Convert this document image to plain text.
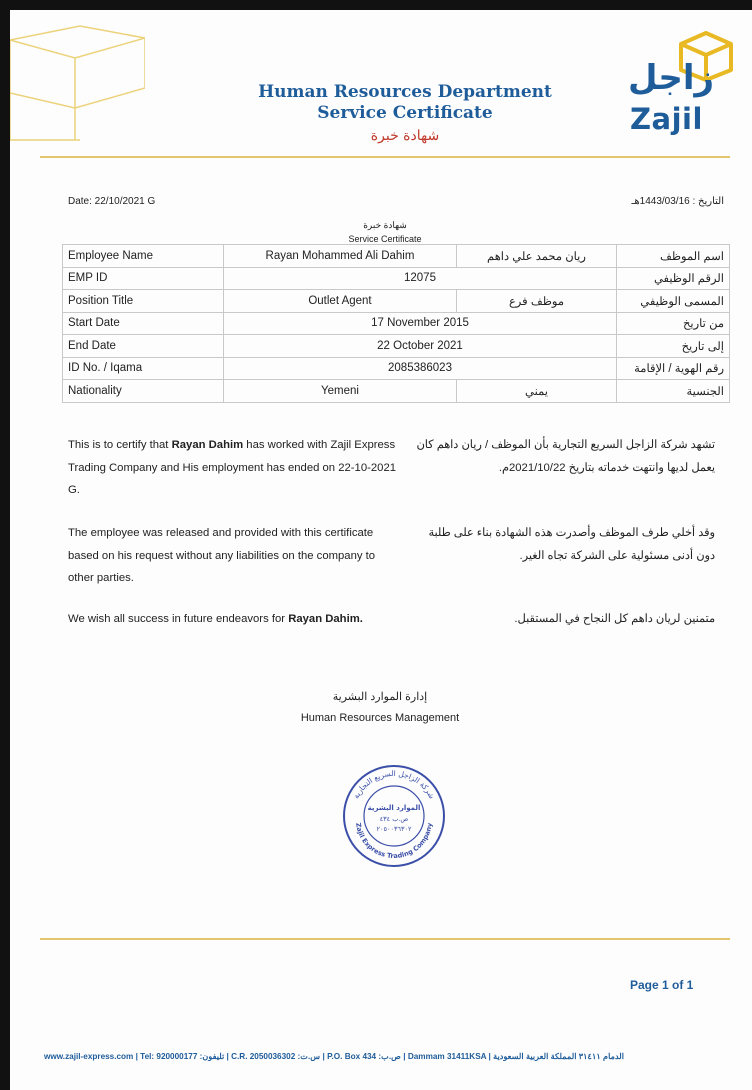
Human Resources Department
Service Certificate
شهادة خبرة
زاجل
Zajil
Date: 22/10/2021 G	التاريخ : 1443/03/16هـ
شهادة خبرة
Service Certificate
Employee Name	Rayan Mohammed Ali Dahim	ريان محمد علي داهم	اسم الموظف
EMP ID	12075		الرقم الوظيفي
Position Title	Outlet Agent	موظف فرع	المسمى الوظيفي
Start Date	17 November 2015		من تاريخ
End Date	22 October 2021		إلى تاريخ
ID No. / Iqama	2085386023		رقم الهوية / الإقامة
Nationality	Yemeni	يمني	الجنسية
This is to certify that Rayan Dahim has worked with Zajil Express Trading Company and His employment has ended on 22-10-2021 G.
تشهد شركة الزاجل السريع التجارية بأن الموظف / ريان داهم كان يعمل لديها وانتهت خدماته بتاريخ 2021/10/22م.
The employee was released and provided with this certificate based on his request without any liabilities on the company to other parties.
وقد أخلي طرف الموظف وأصدرت هذه الشهادة بناء على طلبة دون أدنى مسئولية على الشركة تجاه الغير.
We wish all success in future endeavors for Rayan Dahim.	متمنين لريان داهم كل النجاح في المستقبل.
إدارة الموارد البشرية
Human Resources Management
شركة الزاجل السريع التجارية
Zajil Express Trading Company
الموارد البشرية
ص.ب ٤٣٤
٢٠٥٠٠٣٦٣٠٢
Page 1 of 1
www.zajil-express.com | Tel: 920000177 :تليفون | C.R. 2050036302 :س.ت | P.O. Box 434 :ص.ب | Dammam 31411KSA | الدمام ٣١٤١١ المملكة العربية السعودية
